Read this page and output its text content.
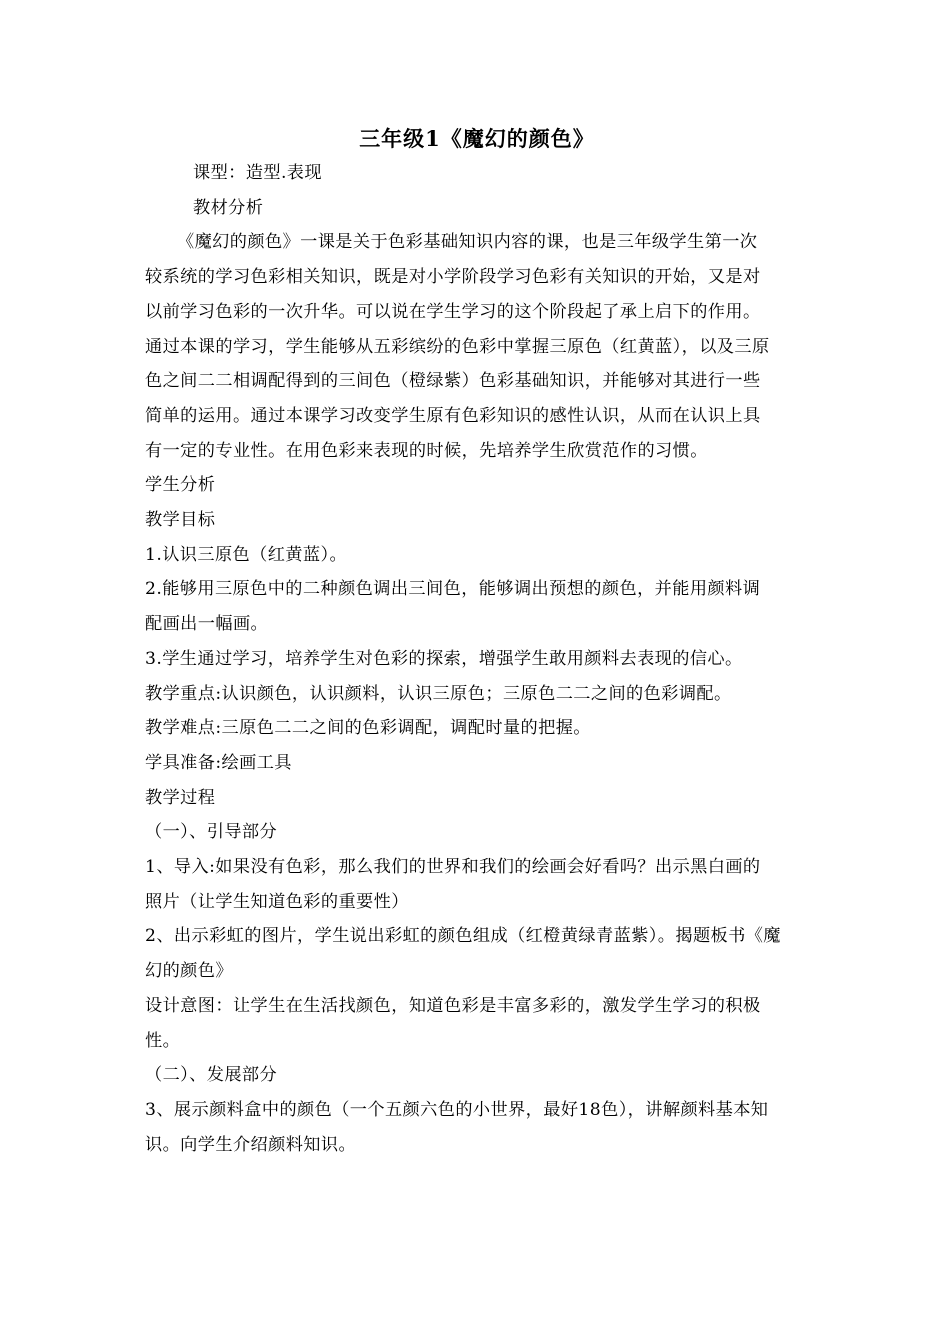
三年级1《魔幻的颜色》
课型：造型.表现
教材分析
《魔幻的颜色》一课是关于色彩基础知识内容的课，也是三年级学生第一次
较系统的学习色彩相关知识，既是对小学阶段学习色彩有关知识的开始，又是对
以前学习色彩的一次升华。可以说在学生学习的这个阶段起了承上启下的作用。
通过本课的学习，学生能够从五彩缤纷的色彩中掌握三原色（红黄蓝），以及三原
色之间二二相调配得到的三间色（橙绿紫）色彩基础知识，并能够对其进行一些
简单的运用。通过本课学习改变学生原有色彩知识的感性认识，从而在认识上具
有一定的专业性。在用色彩来表现的时候，先培养学生欣赏范作的习惯。
学生分析
教学目标
1.认识三原色（红黄蓝）。
2.能够用三原色中的二种颜色调出三间色，能够调出预想的颜色，并能用颜料调
配画出一幅画。
3.学生通过学习，培养学生对色彩的探索，增强学生敢用颜料去表现的信心。
教学重点:认识颜色，认识颜料，认识三原色；三原色二二之间的色彩调配。
教学难点:三原色二二之间的色彩调配，调配时量的把握。
学具准备:绘画工具
教学过程
（一）、引导部分
1、导入:如果没有色彩，那么我们的世界和我们的绘画会好看吗？出示黑白画的
照片（让学生知道色彩的重要性）
2、出示彩虹的图片，学生说出彩虹的颜色组成（红橙黄绿青蓝紫）。揭题板书《魔
幻的颜色》
设计意图：让学生在生活找颜色，知道色彩是丰富多彩的，激发学生学习的积极
性。
（二）、发展部分
3、展示颜料盒中的颜色（一个五颜六色的小世界，最好18色），讲解颜料基本知
识。向学生介绍颜料知识。
